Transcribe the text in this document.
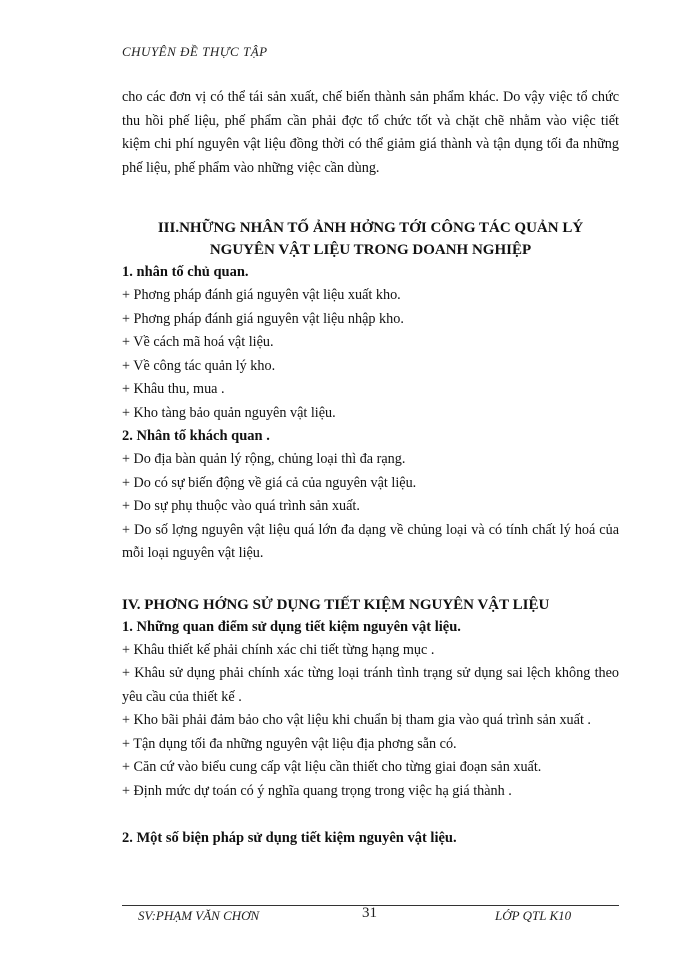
CHUYÊN ĐỀ THỰC TẬP

cho các đơn vị có thể tái sản xuất, chế biến thành sản phẩm khác. Do vậy việc tổ chức thu hồi phế liệu, phế phẩm cần phải đợc tổ chức tốt và chặt chẽ nhằm vào việc tiết kiệm chi phí nguyên vật liệu đồng thời có thể giảm giá thành và tận dụng tối đa những phế liệu, phế phẩm vào những việc cần dùng.

III.NHỮNG NHÂN TỐ ẢNH HỞNG TỚI CÔNG TÁC QUẢN LÝ

NGUYÊN VẬT LIỆU TRONG DOANH NGHIỆP

1. nhân tố chủ quan.

+ Phơng pháp đánh giá nguyên vật liệu xuất kho.

+ Phơng pháp đánh giá nguyên vật liệu nhập kho.

+ Về cách mã hoá vật liệu.

+ Về công tác quản lý kho.

+ Khâu thu, mua .

+ Kho tàng bảo quản nguyên vật liệu.

2. Nhân tố khách quan .

+ Do địa bàn quản lý rộng, chủng loại thì đa rạng.

+ Do có sự biến động về giá cả của nguyên vật liệu.

+ Do sự phụ thuộc vào quá trình sản xuất.

+ Do số lợng nguyên vật liệu quá lớn đa dạng về chủng loại và có tính chất lý hoá của mỗi loại nguyên vật liệu.

IV. PHƠNG HỚNG SỬ DỤNG TIẾT KIỆM NGUYÊN VẬT LIỆU

1. Những quan điểm sử dụng tiết kiệm nguyên vật liệu.

+ Khâu thiết kế phải chính xác chi tiết từng hạng mục .

+ Khâu sử dụng phải chính xác từng loại tránh tình trạng sử dụng sai lệch không theo yêu cầu của thiết kế .

+ Kho bãi phải đảm bảo cho vật liệu khi chuẩn bị tham gia vào quá trình sản xuất .

+ Tận dụng tối đa những nguyên vật liệu địa phơng sẵn có.

+ Căn cứ vào biểu cung cấp vật liệu cần thiết cho từng giai đoạn sản xuất.

+ Định mức dự toán có ý nghĩa quang trọng trong việc hạ giá thành .

2. Một số biện pháp sử dụng tiết kiệm nguyên vật liệu.

SV:PHẠM VĂN CHƠN	31	LỚP QTL K10
